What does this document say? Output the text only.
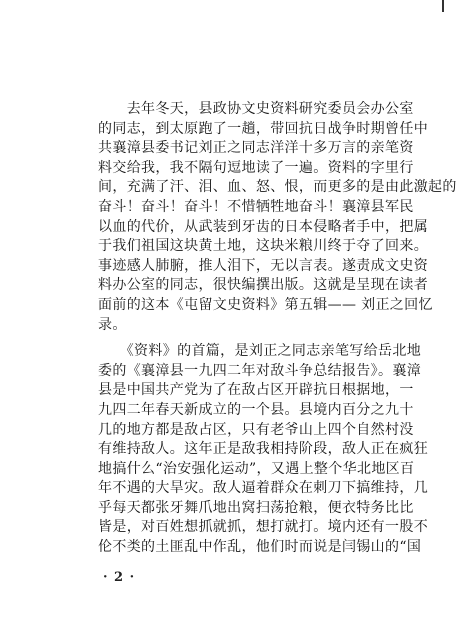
　　去年冬天，县政协文史资料研究委员会办公室
的同志，到太原跑了一趟，带回抗日战争时期曾任中
共襄漳县委书记刘正之同志洋洋十多万言的亲笔资
料交给我，我不隔句逗地读了一遍。资料的字里行
间，充满了汗、泪、血、怒、恨，而更多的是由此激起的
奋斗！奋斗！奋斗！不惜牺牲地奋斗！襄漳县军民
以血的代价，从武装到牙齿的日本侵略者手中，把属
于我们祖国这块黄土地，这块米粮川终于夺了回来。
事迹感人肺腑，推人泪下，无以言表。遂责成文史资
料办公室的同志，很快编撰出版。这就是呈现在读者
面前的这本《屯留文史资料》第五辑—— 刘正之回忆
录。

　　《资料》的首篇，是刘正之同志亲笔写给岳北地
委的《襄漳县一九四二年对敌斗争总结报告》。襄漳
县是中国共产党为了在敌占区开辟抗日根据地，一
九四二年春天新成立的一个县。县境内百分之九十
几的地方都是敌占区，只有老爷山上四个自然村没
有维持敌人。这年正是敌我相持阶段，敌人正在疯狂
地搞什么“治安强化运动”，又遇上整个华北地区百
年不遇的大旱灾。敌人逼着群众在刺刀下搞维持，几
乎每天都张牙舞爪地出窝扫荡抢粮，便衣特务比比
皆是，对百姓想抓就抓，想打就打。境内还有一股不
伦不类的土匪乱中作乱，他们时而说是闫锡山的“国

· 2 ·
